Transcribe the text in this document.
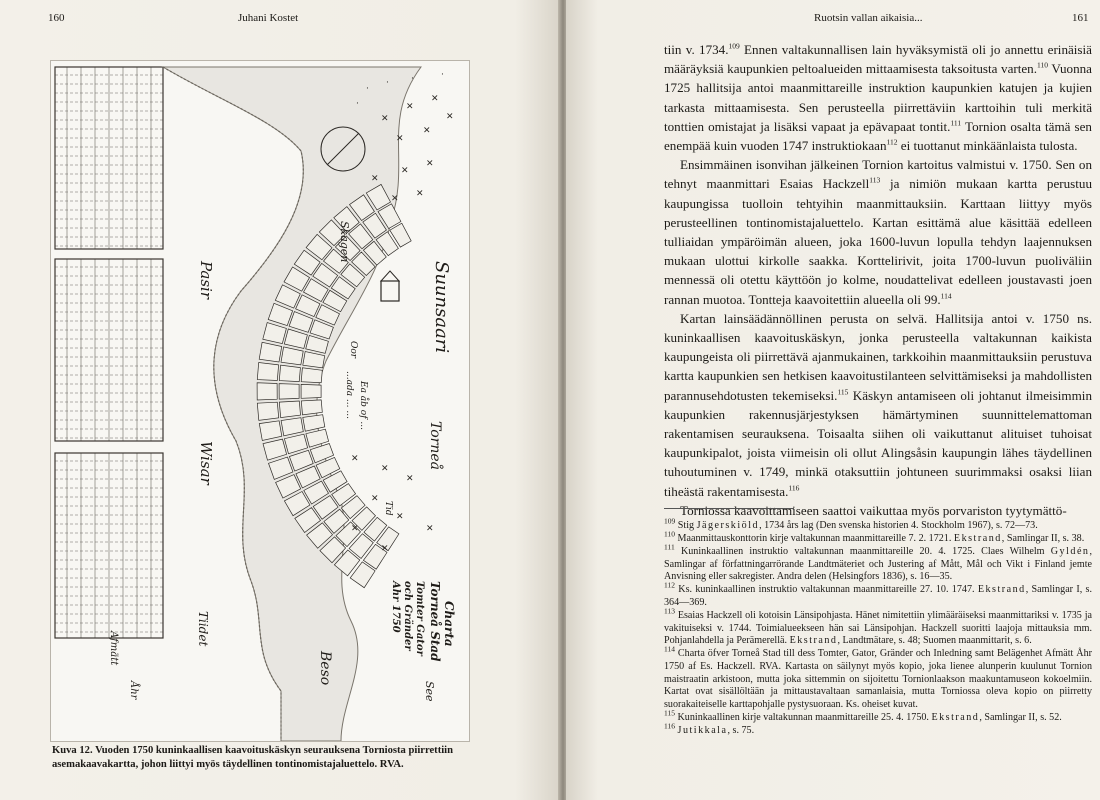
160	Juhani Kostet
✕
✕
✕
✕
✕
✕
✕
✕
✕
✕ ✕
✕
✕
✕
✕
✕
✕
✕
✕
·
· ·	·
·
Skagen
Suunsaari
Pasir
Wisar
Tiidet
Torneå
Oor
Tid
Beso
See
Ea åb of ...
...ada ... ...
Afmätt
Åhr
Charta
Torneå Stad
Tomter Gator
och Gränder
Ahr 1750
Kuva 12. Vuoden 1750 kuninkaallisen kaavoituskäskyn seurauksena Torniosta piirrettiin asemakaavakartta, johon liittyi myös täydellinen tontinomistajaluettelo. RVA.
Ruotsin vallan aikaisia...	161

tiin v. 1734.$^{109}$ Ennen valtakunnallisen lain hyväksymistä oli jo annettu erinäisiä määräyksiä kaupunkien peltoalueiden mittaamisesta taksoitusta varten.$^{110}$ Vuonna 1725 hallitsija antoi maanmittareille instruktion kaupunkien katujen ja kujien tarkasta mittaamisesta. Sen perusteella piirrettäviin karttoihin tuli merkitä tonttien omistajat ja lisäksi vapaat ja epävapaat tontit.$^{111}$ Tornion osalta tämä sen enempää kuin vuoden 1747 instruktiokaan$^{112}$ ei tuottanut minkäänlaista tulosta.

Ensimmäinen isonvihan jälkeinen Tornion kartoitus valmistui v. 1750. Sen on tehnyt maanmittari Esaias Hackzell$^{113}$ ja nimiön mukaan kartta perustuu kaupungissa tuolloin tehtyihin maanmittauksiin. Karttaan liittyy myös perusteellinen tontinomistajaluettelo. Kartan esittämä alue käsittää edelleen tulliaidan ympäröimän alueen, joka 1600-luvun lopulla tehdyn laajennuksen mukaan ulottui kirkolle saakka. Korttelirivit, joita 1700-luvun puoliväliin mennessä oli otettu käyttöön jo kolme, noudattelivat edelleen joustavasti joen rannan muotoa. Tontteja kaavoitettiin alueella oli 99.$^{114}$

Kartan lainsäädännöllinen perusta on selvä. Hallitsija antoi v. 1750 ns. kuninkaallisen kaavoituskäskyn, jonka perusteella valtakunnan kaikista kaupungeista oli piirrettävä ajanmukainen, tarkkoihin maanmittauksiin perustuva kartta kaupunkien sen hetkisen kaavoitustilanteen selvittämiseksi ja mahdollisten parannusehdotusten tekemiseksi.$^{115}$ Käskyn antamiseen oli johtanut ilmeisimmin kaupunkien rakennusjärjestyksen hämärtyminen suunnittelemattoman rakentamisen seurauksena. Toisaalta siihen oli vaikuttanut alituiset tuhoisat kaupunkipalot, joista viimeisin oli ollut Alingsåsin kaupungin lähes täydellinen tuhoutuminen v. 1749, minkä otaksuttiin johtuneen suurimmaksi osaksi liian tiheästä rakentamisesta.$^{116}$

Torniossa kaavoittamiseen saattoi vaikuttaa myös porvariston tyytymättö-

$^{109}$ Stig Jägerskiöld, 1734 års lag (Den svenska historien 4. Stockholm 1967), s. 72—73.

$^{110}$ Maanmittauskonttorin kirje valtakunnan maanmittareille 7. 2. 1721. Ekstrand, Samlingar II, s. 38.

$^{111}$ Kuninkaallinen instruktio valtakunnan maanmittareille 20. 4. 1725. Claes Wilhelm Gyldén, Samlingar af författningarrörande Landtmäteriet och Justering af Mått, Mål och Vikt i Finland jemte Anvisning eller sakregister. Andra delen (Helsingfors 1836), s. 16—35.

$^{112}$ Ks. kuninkaallinen instruktio valtakunnan maanmittareille 27. 10. 1747. Ekstrand, Samlingar I, s. 364—369.

$^{113}$ Esaias Hackzell oli kotoisin Länsipohjasta. Hänet nimitettiin ylimääräiseksi maanmittariksi v. 1735 ja vakituiseksi v. 1744. Toimialueekseen hän sai Länsipohjan. Hackzell suoritti laajoja mittauksia mm. Pohjanlahdella ja Perämerellä. Ekstrand, Landtmätare, s. 48; Suomen maanmittarit, s. 6.

$^{114}$ Charta öfver Torneå Stad till dess Tomter, Gator, Gränder och Inledning samt Belägenhet Afmätt Åhr 1750 af Es. Hackzell. RVA. Kartasta on säilynyt myös kopio, joka lienee alunperin kuulunut Tornion maistraatin arkistoon, mutta joka sittemmin on sijoitettu Tornionlaakson maakuntamuseon kokoelmiin. Kartat ovat sisällöltään ja mittaustavaltaan samanlaisia, mutta Torniossa oleva kopio on piirretty suorakaiteiselle karttapohjalle pystysuoraan. Ks. oheiset kuvat.

$^{115}$ Kuninkaallinen kirje valtakunnan maanmittareille 25. 4. 1750. Ekstrand, Samlingar II, s. 52.

$^{116}$ Jutikkala, s. 75.
